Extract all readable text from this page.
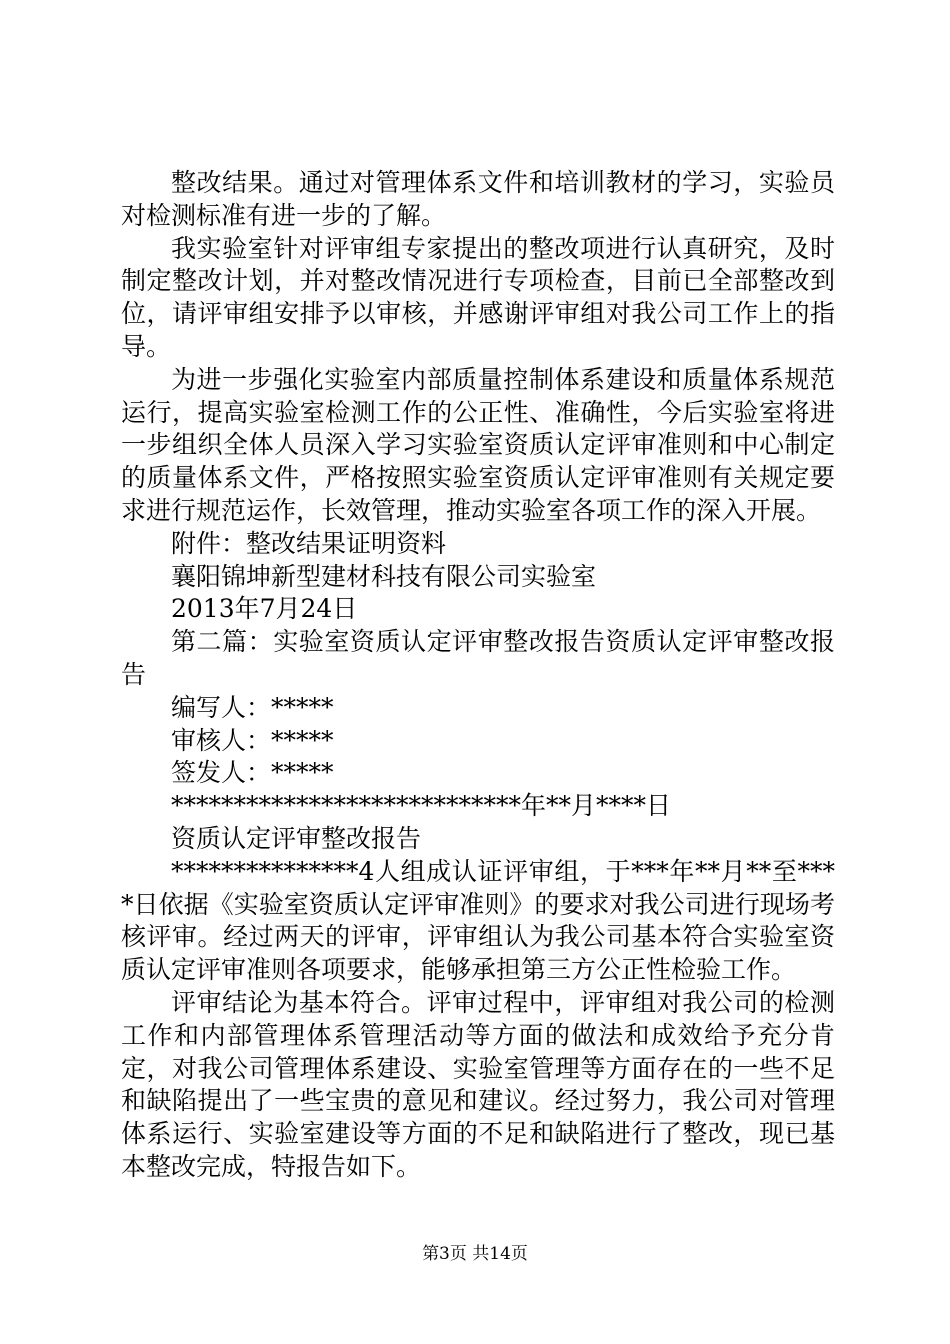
整改结果。通过对管理体系文件和培训教材的学习，实验员对检测标准有进一步的了解。

我实验室针对评审组专家提出的整改项进行认真研究，及时制定整改计划，并对整改情况进行专项检查，目前已全部整改到位，请评审组安排予以审核，并感谢评审组对我公司工作上的指导。

为进一步强化实验室内部质量控制体系建设和质量体系规范运行，提高实验室检测工作的公正性、准确性，今后实验室将进一步组织全体人员深入学习实验室资质认定评审准则和中心制定的质量体系文件，严格按照实验室资质认定评审准则有关规定要求进行规范运作，长效管理，推动实验室各项工作的深入开展。

附件：整改结果证明资料

襄阳锦坤新型建材科技有限公司实验室

2013年7月24日

第二篇：实验室资质认定评审整改报告资质认定评审整改报告

编写人：*****

审核人：*****

签发人：*****

****************************年**月****日

资质认定评审整改报告

***************4人组成认证评审组，于***年**月**至****日依据《实验室资质认定评审准则》的要求对我公司进行现场考核评审。经过两天的评审，评审组认为我公司基本符合实验室资质认定评审准则各项要求，能够承担第三方公正性检验工作。

评审结论为基本符合。评审过程中，评审组对我公司的检测工作和内部管理体系管理活动等方面的做法和成效给予充分肯定，对我公司管理体系建设、实验室管理等方面存在的一些不足和缺陷提出了一些宝贵的意见和建议。经过努力，我公司对管理体系运行、实验室建设等方面的不足和缺陷进行了整改，现已基本整改完成，特报告如下。

第3页 共14页
